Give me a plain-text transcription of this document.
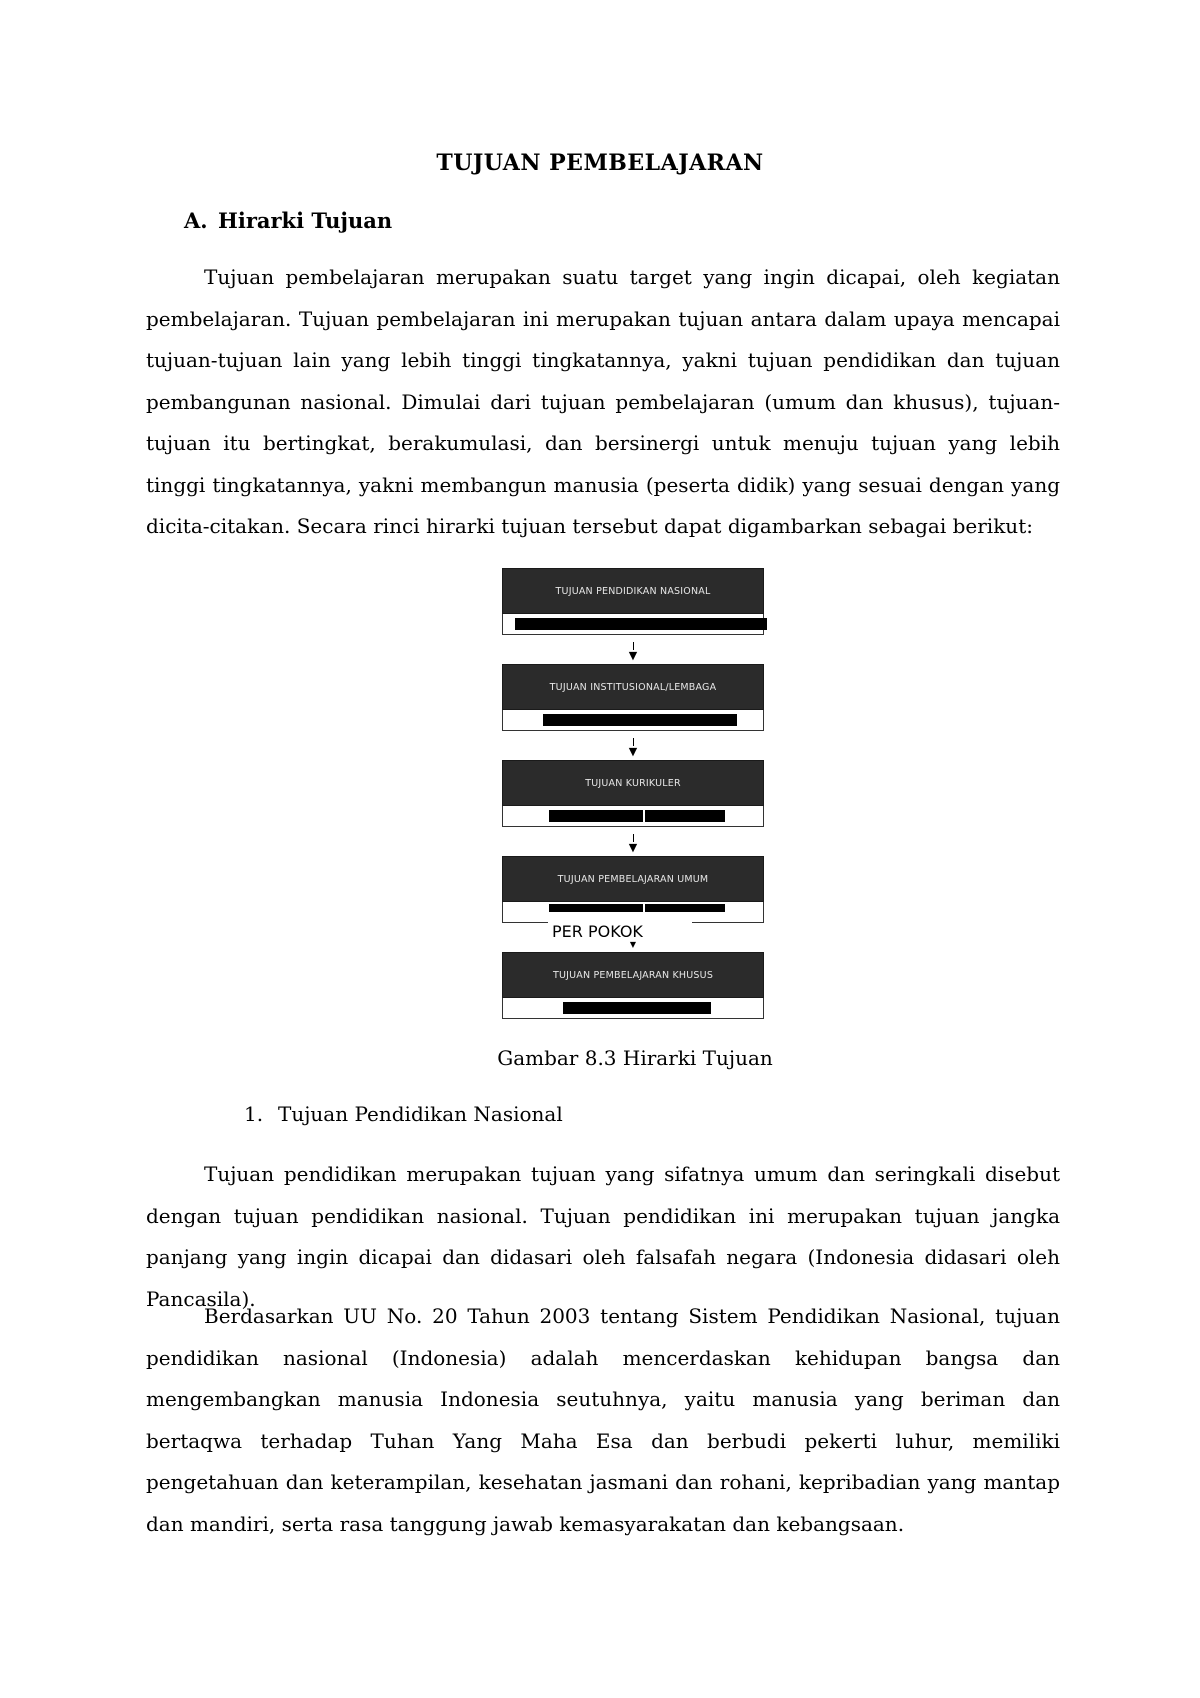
TUJUAN PEMBELAJARAN
A. Hirarki Tujuan

Tujuan pembelajaran merupakan suatu target yang ingin dicapai, oleh kegiatan pembelajaran. Tujuan pembelajaran ini merupakan tujuan antara dalam upaya mencapai tujuan-tujuan lain yang lebih tinggi tingkatannya, yakni tujuan pendidikan dan tujuan pembangunan nasional. Dimulai dari tujuan pembelajaran (umum dan khusus), tujuan-tujuan itu bertingkat, berakumulasi, dan bersinergi untuk menuju tujuan yang lebih tinggi tingkatannya, yakni membangun manusia (peserta didik) yang sesuai dengan yang dicita-citakan. Secara rinci hirarki tujuan tersebut dapat digambarkan sebagai berikut:

TUJUAN PENDIDIKAN NASIONAL
▼
TUJUAN INSTITUSIONAL/LEMBAGA
▼
TUJUAN KURIKULER
▼
TUJUAN PEMBELAJARAN UMUM
PER POKOK
▼
TUJUAN PEMBELAJARAN KHUSUS
Gambar 8.3 Hirarki Tujuan
1. Tujuan Pendidikan Nasional

Tujuan pendidikan merupakan tujuan yang sifatnya umum dan seringkali disebut dengan tujuan pendidikan nasional. Tujuan pendidikan ini merupakan tujuan jangka panjang yang ingin dicapai dan didasari oleh falsafah negara (Indonesia didasari oleh Pancasila).

Berdasarkan UU No. 20 Tahun 2003 tentang Sistem Pendidikan Nasional, tujuan pendidikan nasional (Indonesia) adalah mencerdaskan kehidupan bangsa dan mengembangkan manusia Indonesia seutuhnya, yaitu manusia yang beriman dan bertaqwa terhadap Tuhan Yang Maha Esa dan berbudi pekerti luhur, memiliki pengetahuan dan keterampilan, kesehatan jasmani dan rohani, kepribadian yang mantap dan mandiri, serta rasa tanggung jawab kemasyarakatan dan kebangsaan.
